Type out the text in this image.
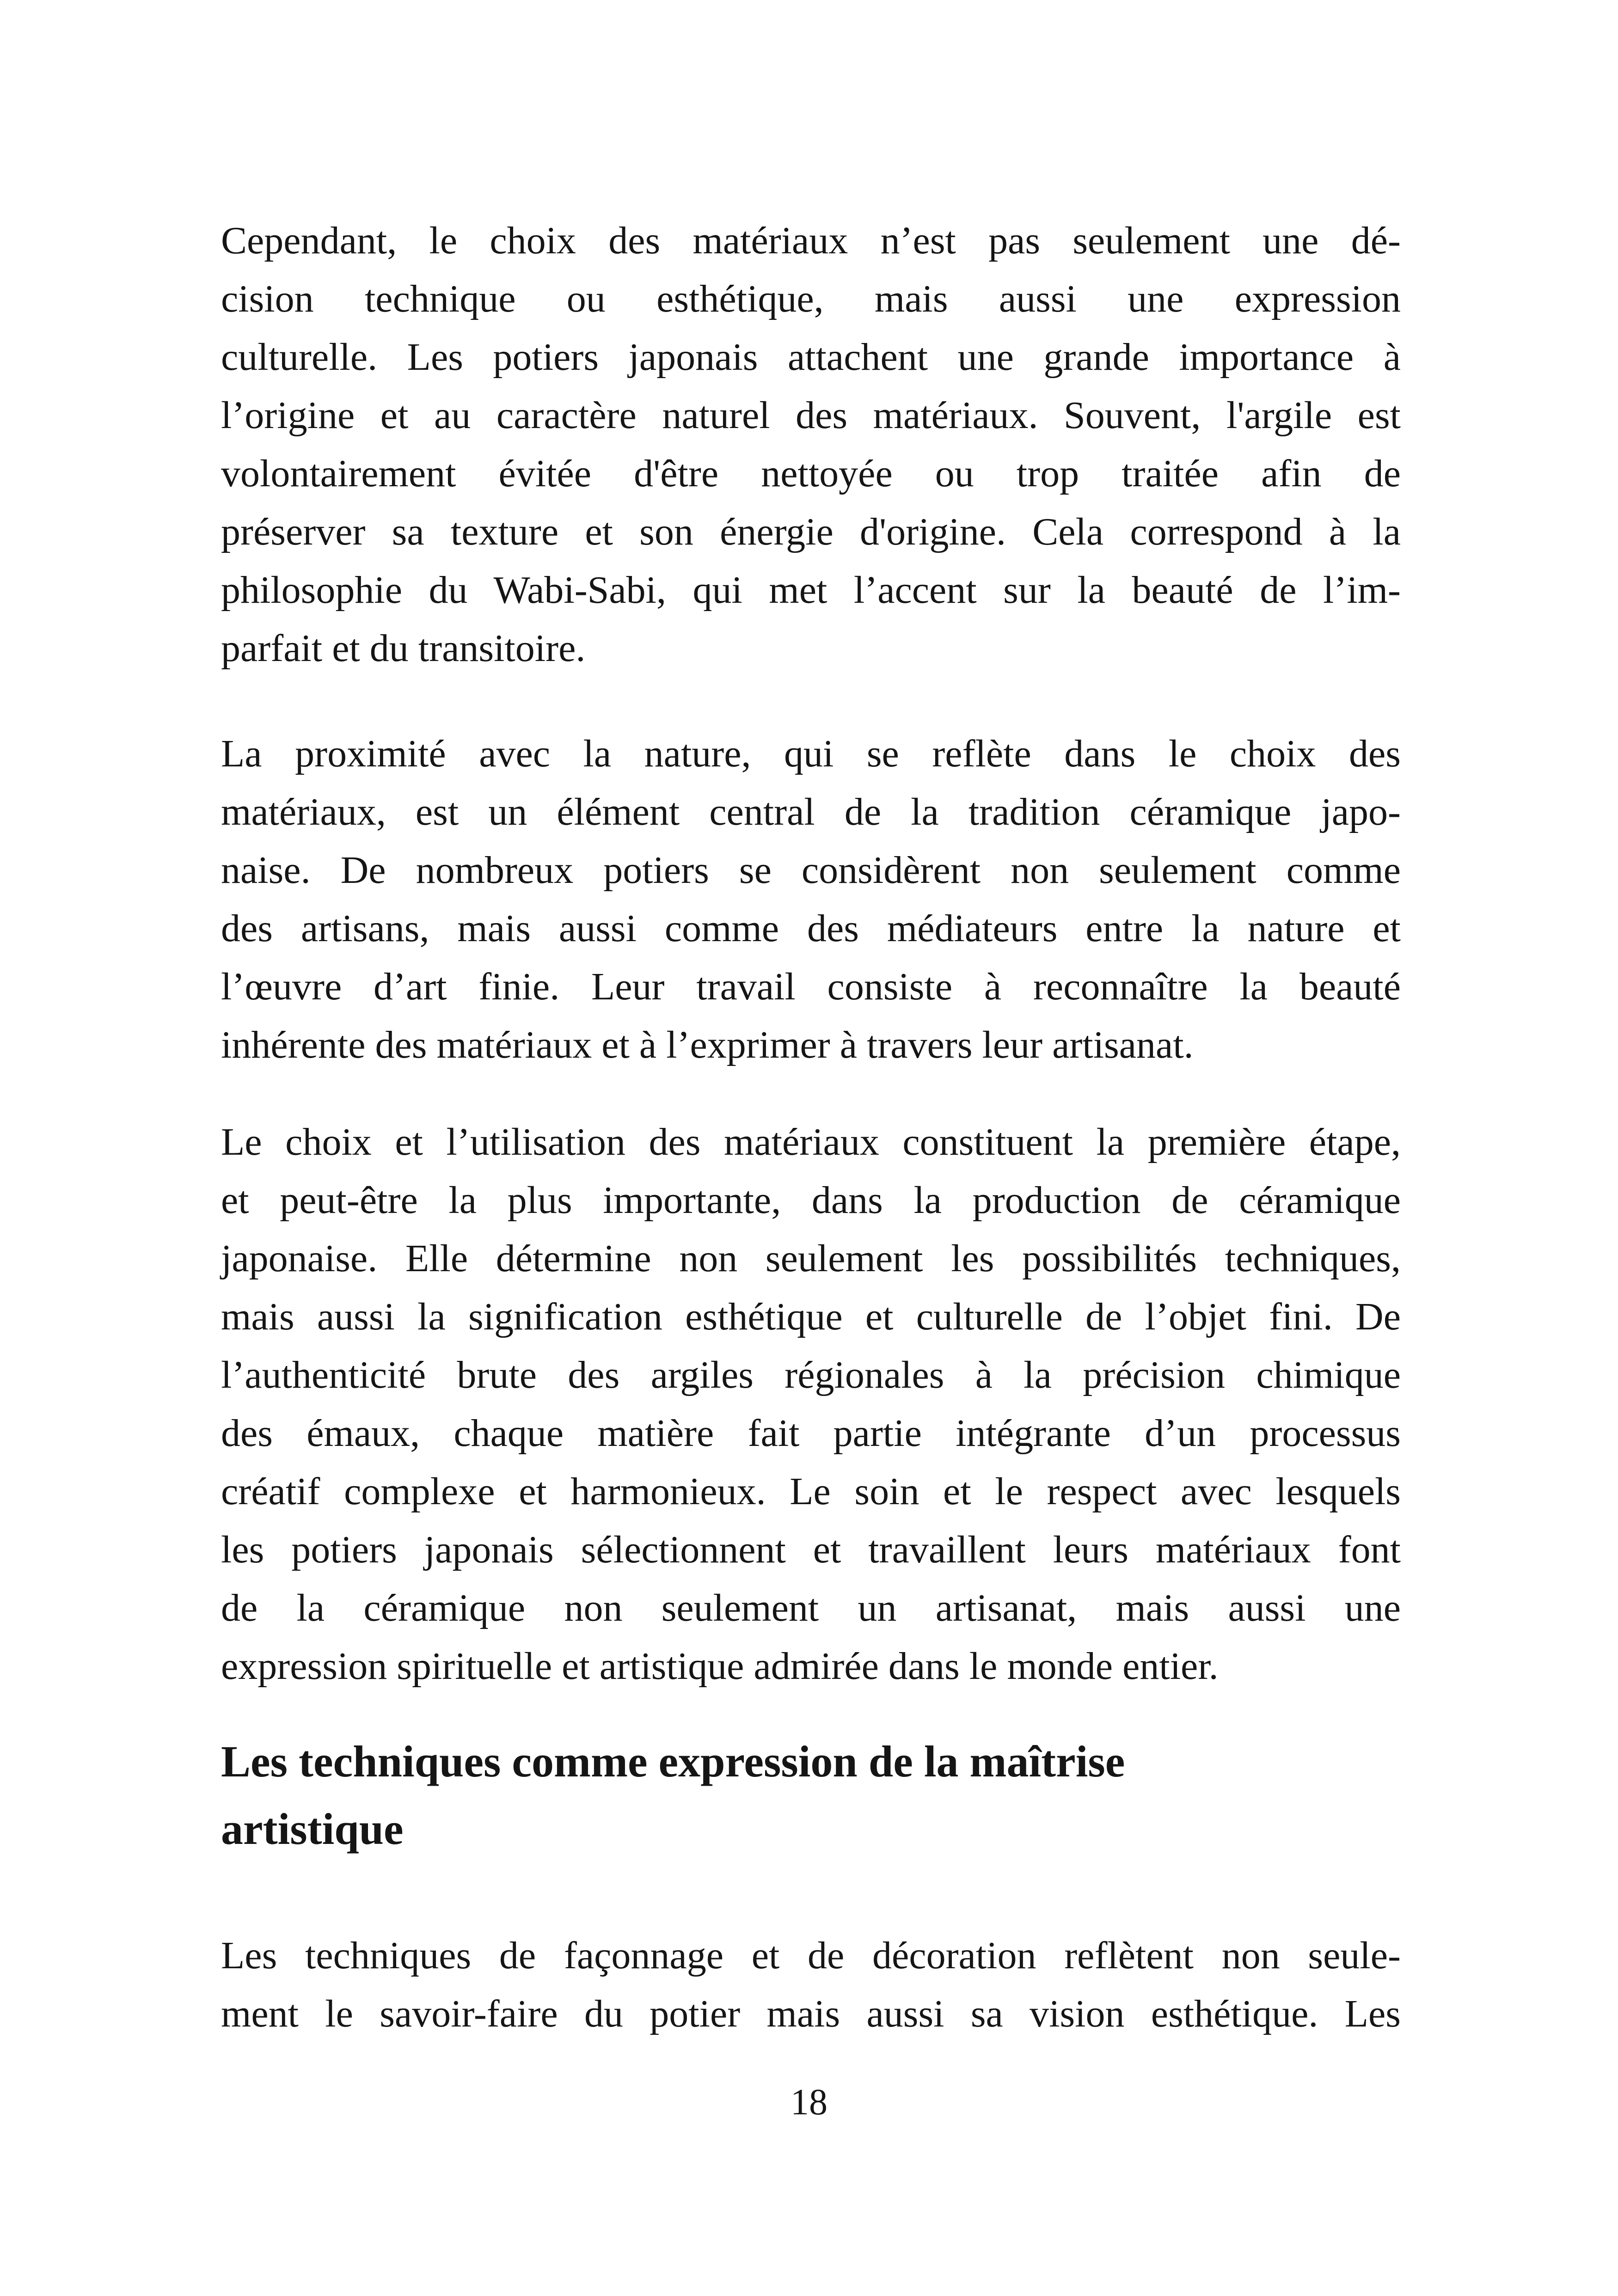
Cependant, le choix des matériaux n’est pas seulement une dé-
cision technique ou esthétique, mais aussi une expression
culturelle. Les potiers japonais attachent une grande importance à
l’origine et au caractère naturel des matériaux. Souvent, l'argile est
volontairement évitée d'être nettoyée ou trop traitée afin de
préserver sa texture et son énergie d'origine. Cela correspond à la
philosophie du Wabi-Sabi, qui met l’accent sur la beauté de l’im-
parfait et du transitoire.
La proximité avec la nature, qui se reflète dans le choix des
matériaux, est un élément central de la tradition céramique japo-
naise. De nombreux potiers se considèrent non seulement comme
des artisans, mais aussi comme des médiateurs entre la nature et
l’œuvre d’art finie. Leur travail consiste à reconnaître la beauté
inhérente des matériaux et à l’exprimer à travers leur artisanat.
Le choix et l’utilisation des matériaux constituent la première étape,
et peut-être la plus importante, dans la production de céramique
japonaise. Elle détermine non seulement les possibilités techniques,
mais aussi la signification esthétique et culturelle de l’objet fini. De
l’authenticité brute des argiles régionales à la précision chimique
des émaux, chaque matière fait partie intégrante d’un processus
créatif complexe et harmonieux. Le soin et le respect avec lesquels
les potiers japonais sélectionnent et travaillent leurs matériaux font
de la céramique non seulement un artisanat, mais aussi une
expression spirituelle et artistique admirée dans le monde entier.
Les techniques comme expression de la maîtrise
artistique
Les techniques de façonnage et de décoration reflètent non seule-
ment le savoir-faire du potier mais aussi sa vision esthétique. Les
18
